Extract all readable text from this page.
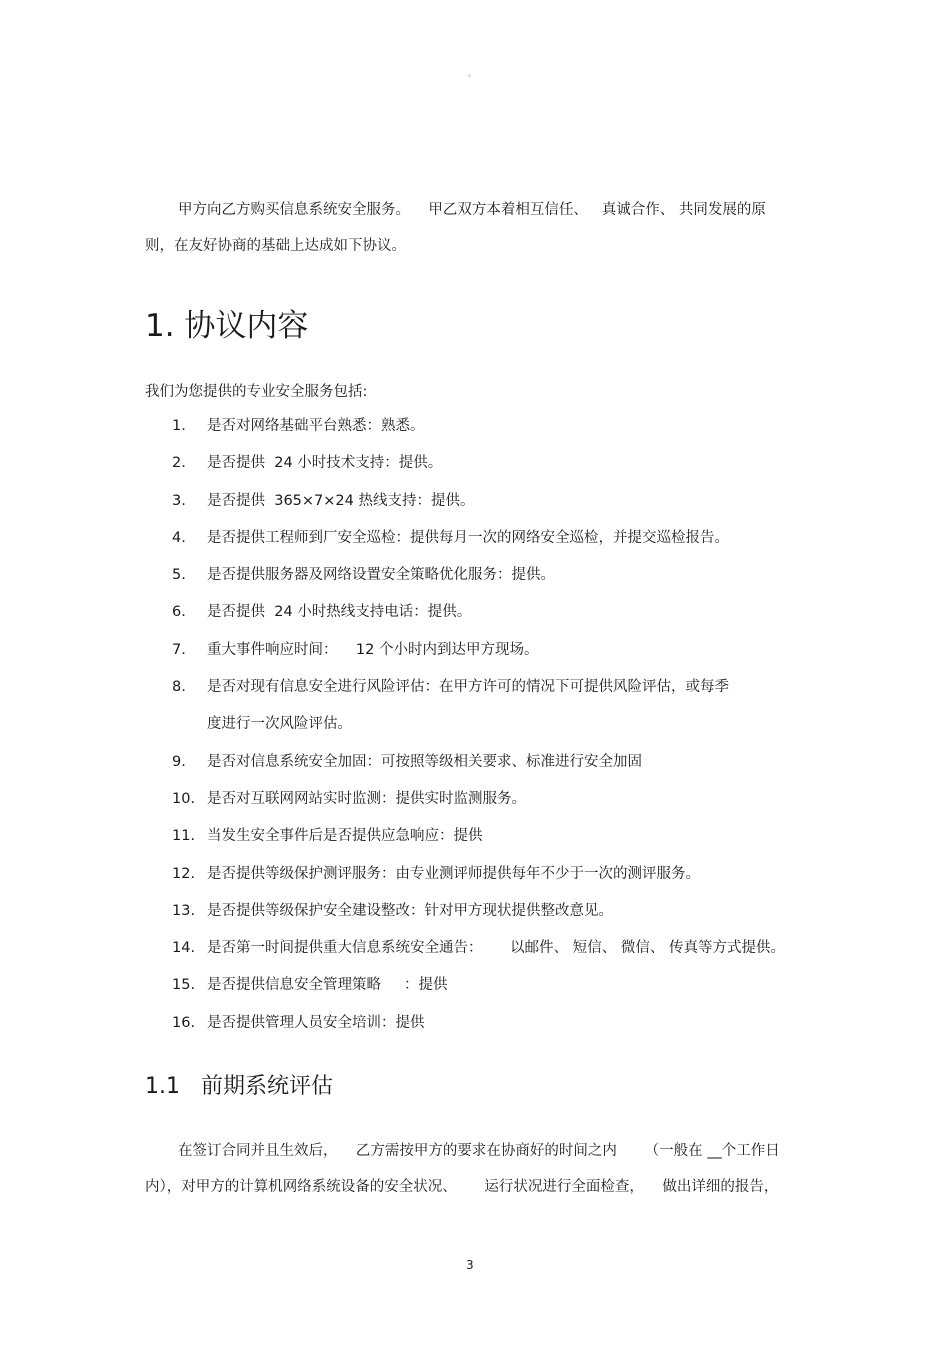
。

甲方向乙方购买信息系统安全服务。    甲乙双方本着相互信任、   真诚合作、 共同发展的原
则，在友好协商的基础上达成如下协议。

1. 协议内容

我们为您提供的专业安全服务包括:

1.	是否对网络基础平台熟悉：熟悉。
2.	是否提供  24 小时技术支持：提供。
3.	是否提供  365×7×24 热线支持：提供。
4.	是否提供工程师到厂安全巡检：提供每月一次的网络安全巡检，并提交巡检报告。
5.	是否提供服务器及网络设置安全策略优化服务：提供。
6.	是否提供  24 小时热线支持电话：提供。
7.	重大事件响应时间：    12 个小时内到达甲方现场。
8.	是否对现有信息安全进行风险评估：在甲方许可的情况下可提供风险评估，或每季
度进行一次风险评估。
9.	是否对信息系统安全加固：可按照等级相关要求、标准进行安全加固
10. 是否对互联网网站实时监测：提供实时监测服务。
11. 当发生安全事件后是否提供应急响应：提供
12. 是否提供等级保护测评服务：由专业测评师提供每年不少于一次的测评服务。
13. 是否提供等级保护安全建设整改：针对甲方现状提供整改意见。
14. 是否第一时间提供重大信息系统安全通告：      以邮件、 短信、 微信、 传真等方式提供。
15. 是否提供信息安全管理策略     ：提供
16. 是否提供管理人员安全培训：提供
1.1   前期系统评估

在签订合同并且生效后，    乙方需按甲方的要求在协商好的时间之内      （一般在 __个工作日
内），对甲方的计算机网络系统设备的安全状况、      运行状况进行全面检查，    做出详细的报告，

3
